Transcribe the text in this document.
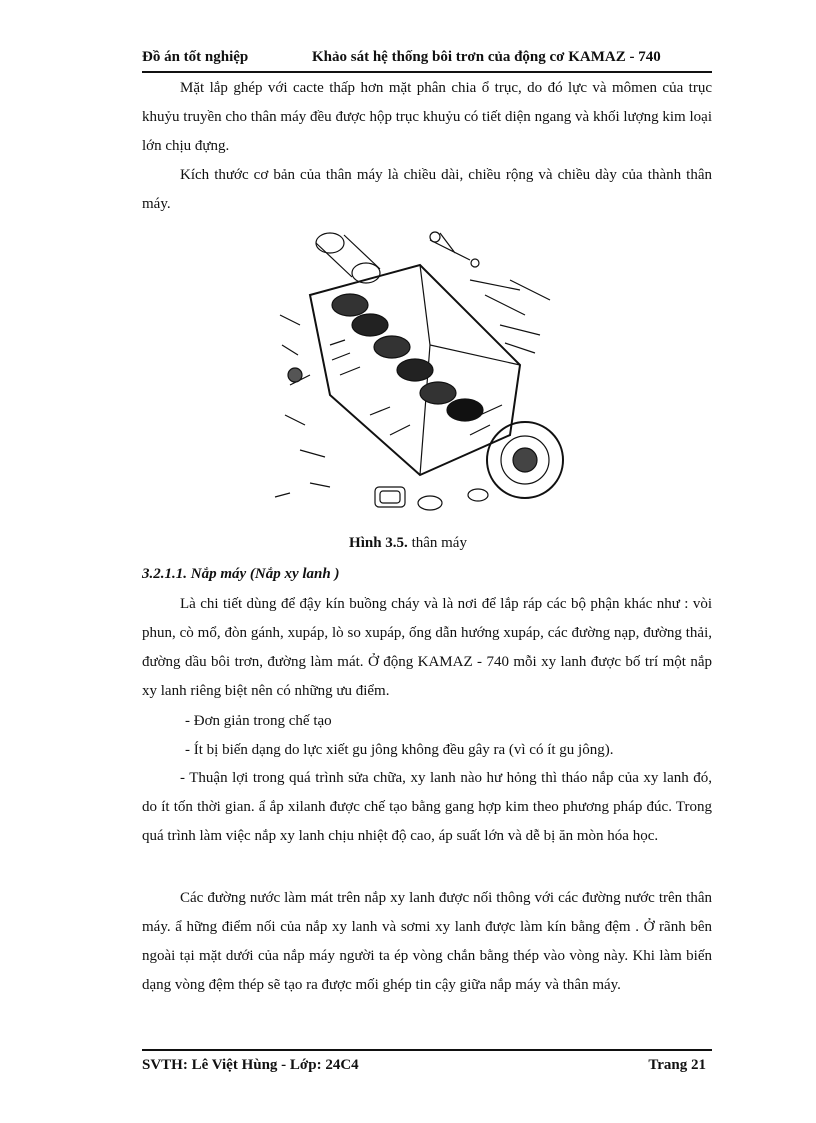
Đồ án tốt nghiệp	Khảo sát hệ thống bôi trơn của động cơ KAMAZ - 740

Mặt lắp ghép với cacte thấp hơn mặt phân chia ổ trục, do đó lực và mômen của trục khuỷu truyền cho thân máy đều được hộp trục khuỷu có tiết diện ngang và khối lượng kim loại lớn chịu đựng.

Kích thước cơ bản của thân máy là chiều dài, chiều rộng và chiều dày của thành thân máy.

Hình 3.5. thân máy

3.2.1.1. Nắp máy (Nắp xy lanh )

Là chi tiết dùng để đậy kín buồng cháy và là nơi để lắp ráp các bộ phận khác như : vòi phun, cò mổ, đòn gánh, xupáp, lò so xupáp, ống dẫn hướng xupáp, các đường nạp, đường thải, đường dầu bôi trơn, đường làm mát. Ở động KAMAZ - 740 mỗi xy lanh được bố trí một nắp xy lanh riêng biệt nên có những ưu điểm.

- Đơn giản trong chế tạo

- Ít bị biến dạng do lực xiết gu jông không đều gây ra (vì có ít gu jông).

- Thuận lợi trong quá trình sửa chữa, xy lanh nào hư hỏng thì tháo nắp của xy lanh đó, do ít tốn thời gian. ẩ ắp xilanh được chế tạo bằng gang hợp kim theo phương pháp đúc. Trong quá trình làm việc nắp xy lanh chịu nhiệt độ cao, áp suất lớn và dễ bị ăn mòn hóa học.

Các đường nước làm mát trên nắp xy lanh được nối thông với các đường nước trên thân máy. ẩ hững điểm nối của nắp xy lanh và sơmi xy lanh được làm kín bằng đệm . Ở rãnh bên ngoài tại mặt dưới của nắp máy người ta ép vòng chắn bằng thép vào vòng này. Khi làm biến dạng vòng đệm thép sẽ tạo ra được mối ghép tin cậy giữa nắp máy và thân máy.

SVTH: Lê Việt Hùng - Lớp: 24C4	Trang 21
